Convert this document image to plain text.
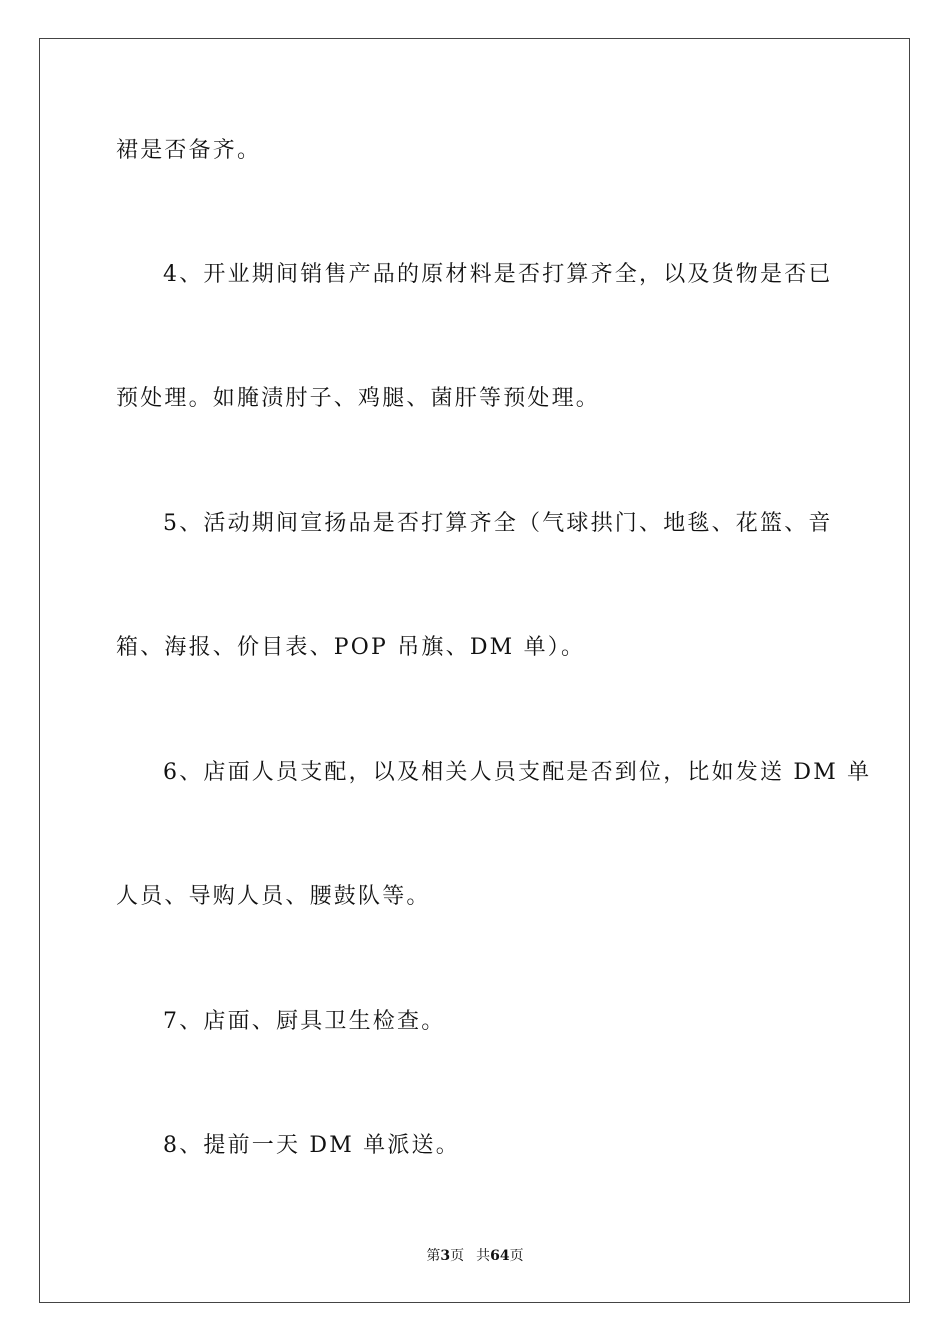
裙是否备齐。
4、开业期间销售产品的原材料是否打算齐全，以及货物是否已
预处理。如腌渍肘子、鸡腿、菌肝等预处理。
5、活动期间宣扬品是否打算齐全（气球拱门、地毯、花篮、音
箱、海报、价目表、POP 吊旗、DM 单）。
6、店面人员支配，以及相关人员支配是否到位，比如发送 DM 单
人员、导购人员、腰鼓队等。
7、店面、厨具卫生检查。
8、提前一天 DM 单派送。
第3页 共64页
